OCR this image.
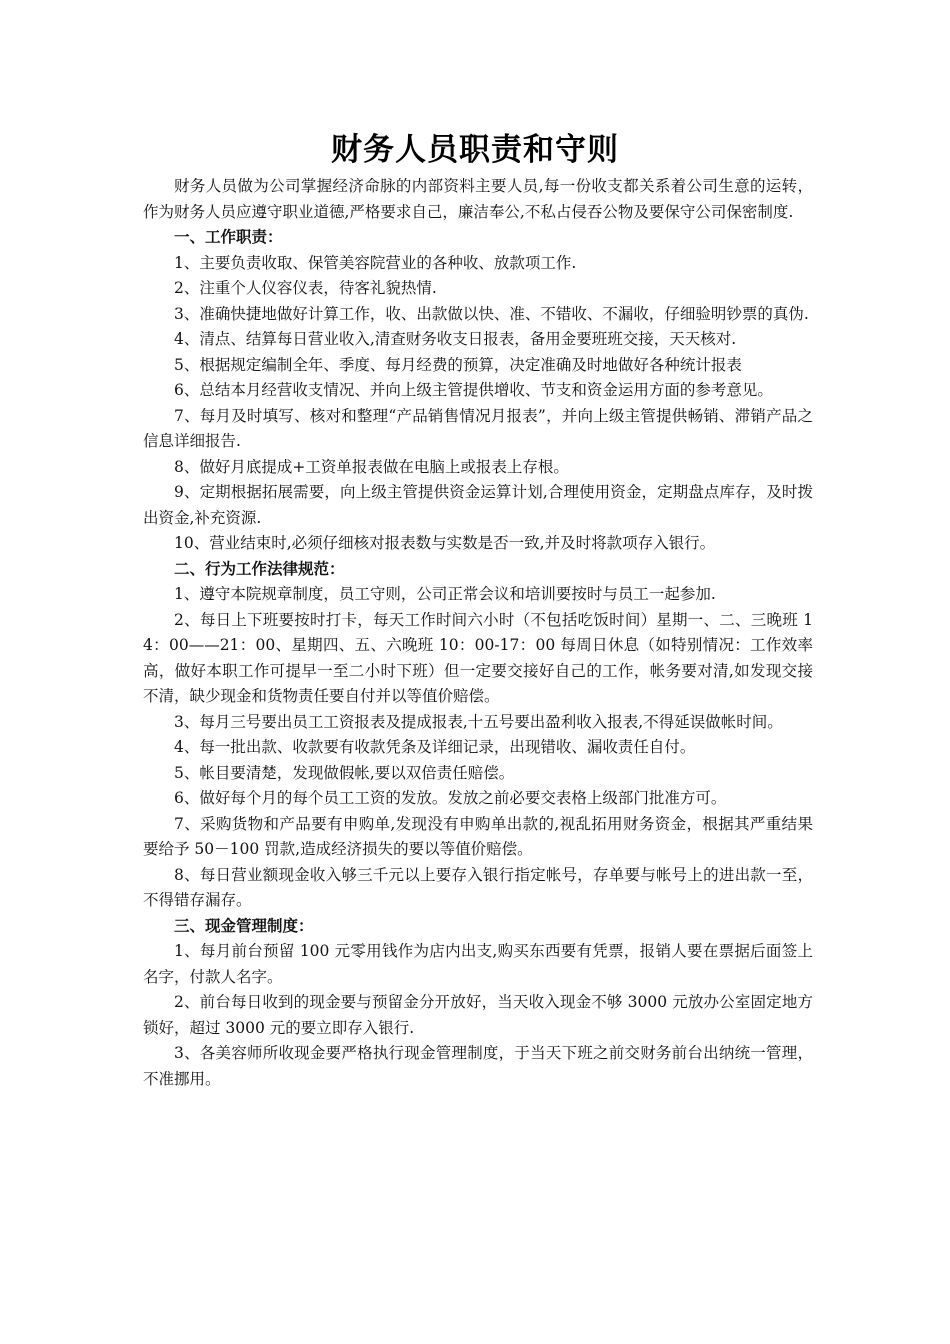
财务人员职责和守则

财务人员做为公司掌握经济命脉的内部资料主要人员,每一份收支都关系着公司生意的运转，作为财务人员应遵守职业道德,严格要求自己，廉洁奉公,不私占侵吞公物及要保守公司保密制度.

一、工作职责：

1、主要负责收取、保管美容院营业的各种收、放款项工作.

2、注重个人仪容仪表，待客礼貌热情.

3、准确快捷地做好计算工作，收、出款做以快、准、不错收、不漏收，仔细验明钞票的真伪.

4、清点、结算每日营业收入,清查财务收支日报表，备用金要班班交接，天天核对.

5、根据规定编制全年、季度、每月经费的预算，决定准确及时地做好各种统计报表

6、总结本月经营收支情况、并向上级主管提供增收、节支和资金运用方面的参考意见。

7、每月及时填写、核对和整理“产品销售情况月报表”，并向上级主管提供畅销、滞销产品之信息详细报告.

8、做好月底提成+工资单报表做在电脑上或报表上存根。

9、定期根据拓展需要，向上级主管提供资金运算计划,合理使用资金，定期盘点库存，及时拨出资金,补充资源.

10、营业结束时,必须仔细核对报表数与实数是否一致,并及时将款项存入银行。

二、行为工作法律规范：

1、遵守本院规章制度，员工守则，公司正常会议和培训要按时与员工一起参加.

2、每日上下班要按时打卡，每天工作时间六小时（不包括吃饭时间）星期一、二、三晚班 14：00——21：00、星期四、五、六晚班 10：00-17：00 每周日休息（如特别情况：工作效率高，做好本职工作可提早一至二小时下班）但一定要交接好自己的工作，帐务要对清,如发现交接不清，缺少现金和货物责任要自付并以等值价赔偿。

3、每月三号要出员工工资报表及提成报表,十五号要出盈利收入报表,不得延误做帐时间。

4、每一批出款、收款要有收款凭条及详细记录，出现错收、漏收责任自付。

5、帐目要清楚，发现做假帐,要以双倍责任赔偿。

6、做好每个月的每个员工工资的发放。发放之前必要交表格上级部门批准方可。

7、采购货物和产品要有申购单,发现没有申购单出款的,视乱拓用财务资金，根据其严重结果要给予 50－100 罚款,造成经济损失的要以等值价赔偿。

8、每日营业额现金收入够三千元以上要存入银行指定帐号，存单要与帐号上的进出款一至，不得错存漏存。

三、现金管理制度：

1、每月前台预留 100 元零用钱作为店内出支,购买东西要有凭票，报销人要在票据后面签上名字，付款人名字。

2、前台每日收到的现金要与预留金分开放好，当天收入现金不够 3000 元放办公室固定地方锁好，超过 3000 元的要立即存入银行.

3、各美容师所收现金要严格执行现金管理制度，于当天下班之前交财务前台出纳统一管理，不准挪用。
